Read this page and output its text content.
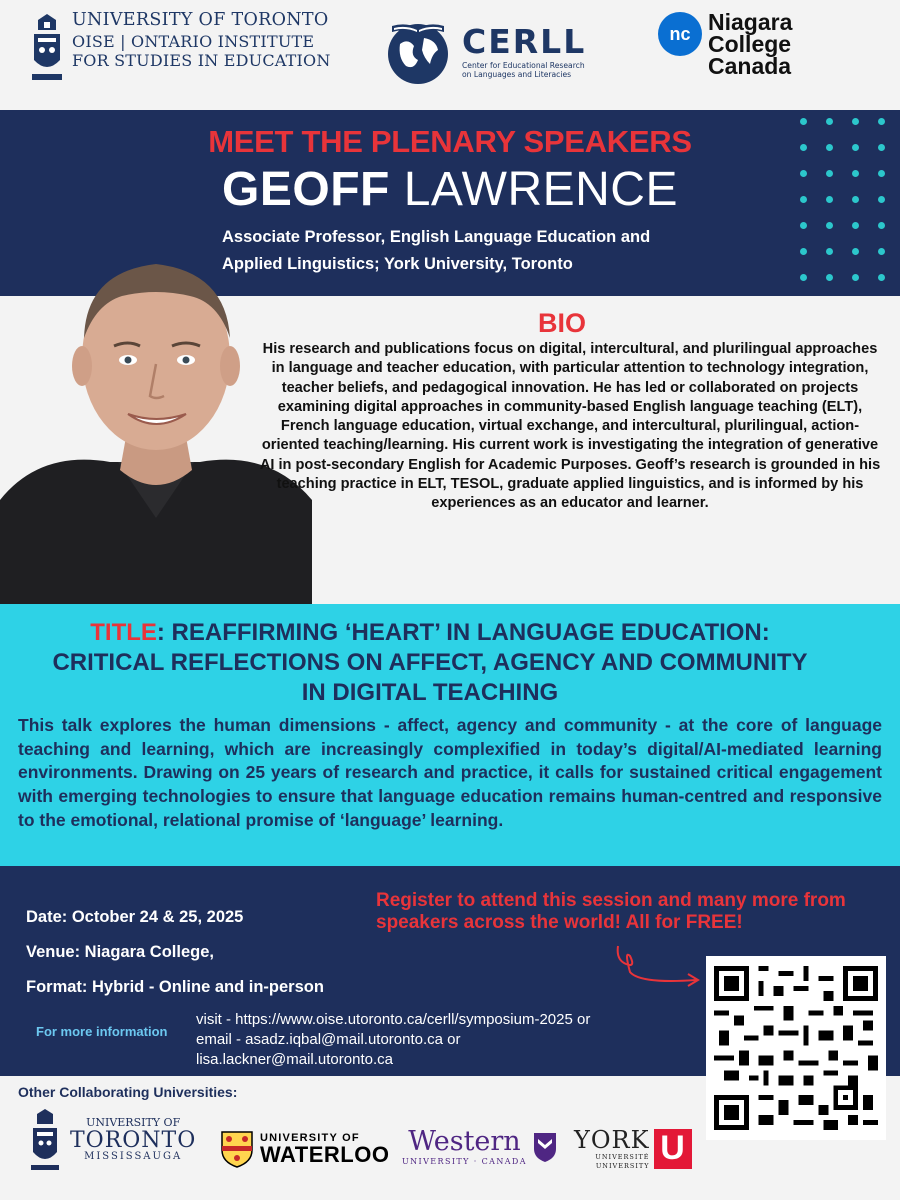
UNIVERSITY OF TORONTO
OISE | ONTARIO INSTITUTE
FOR STUDIES IN EDUCATION	CERLL
Center for Educational Research
on Languages and Literacies
nc Niagara
College
Canada
MEET THE PLENARY SPEAKERS
GEOFF LAWRENCE
Associate Professor, English Language Education and
Applied Linguistics; York University, Toronto
BIO
His research and publications focus on digital, intercultural, and plurilingual approaches in language and teacher education, with particular attention to technology integration, teacher beliefs, and pedagogical innovation. He has led or collaborated on projects examining digital approaches in community-based English language teaching (ELT), French language education, virtual exchange, and intercultural, plurilingual, action-oriented teaching/learning. His current work is investigating the integration of generative AI in post-secondary English for Academic Purposes. Geoff’s research is grounded in his teaching practice in ELT, TESOL, graduate applied linguistics, and is informed by his experiences as an educator and learner.
TITLE: REAFFIRMING ‘HEART’ IN LANGUAGE EDUCATION: CRITICAL REFLECTIONS ON AFFECT, AGENCY AND COMMUNITY IN DIGITAL TEACHING
This talk explores the human dimensions - affect, agency and community - at the core of language teaching and learning, which are increasingly complexified in today’s digital/AI-mediated learning environments. Drawing on 25 years of research and practice, it calls for sustained critical engagement with emerging technologies to ensure that language education remains human-centred and responsive to the emotional, relational promise of ‘language’ learning.
Date: October 24 & 25, 2025
Venue: Niagara College,
Format: Hybrid - Online and in-person
For more information
visit - https://www.oise.utoronto.ca/cerll/symposium-2025 or
email - asadz.iqbal@mail.utoronto.ca or
lisa.lackner@mail.utoronto.ca
Register to attend this session and many more from speakers across the world! All for FREE!
Other Collaborating Universities:
UNIVERSITY OF
TORONTO
MISSISSAUGA
UNIVERSITY OF
WATERLOO Western
UNIVERSITY · CANADA
YORK
UNIVERSITÉ
UNIVERSITY U
